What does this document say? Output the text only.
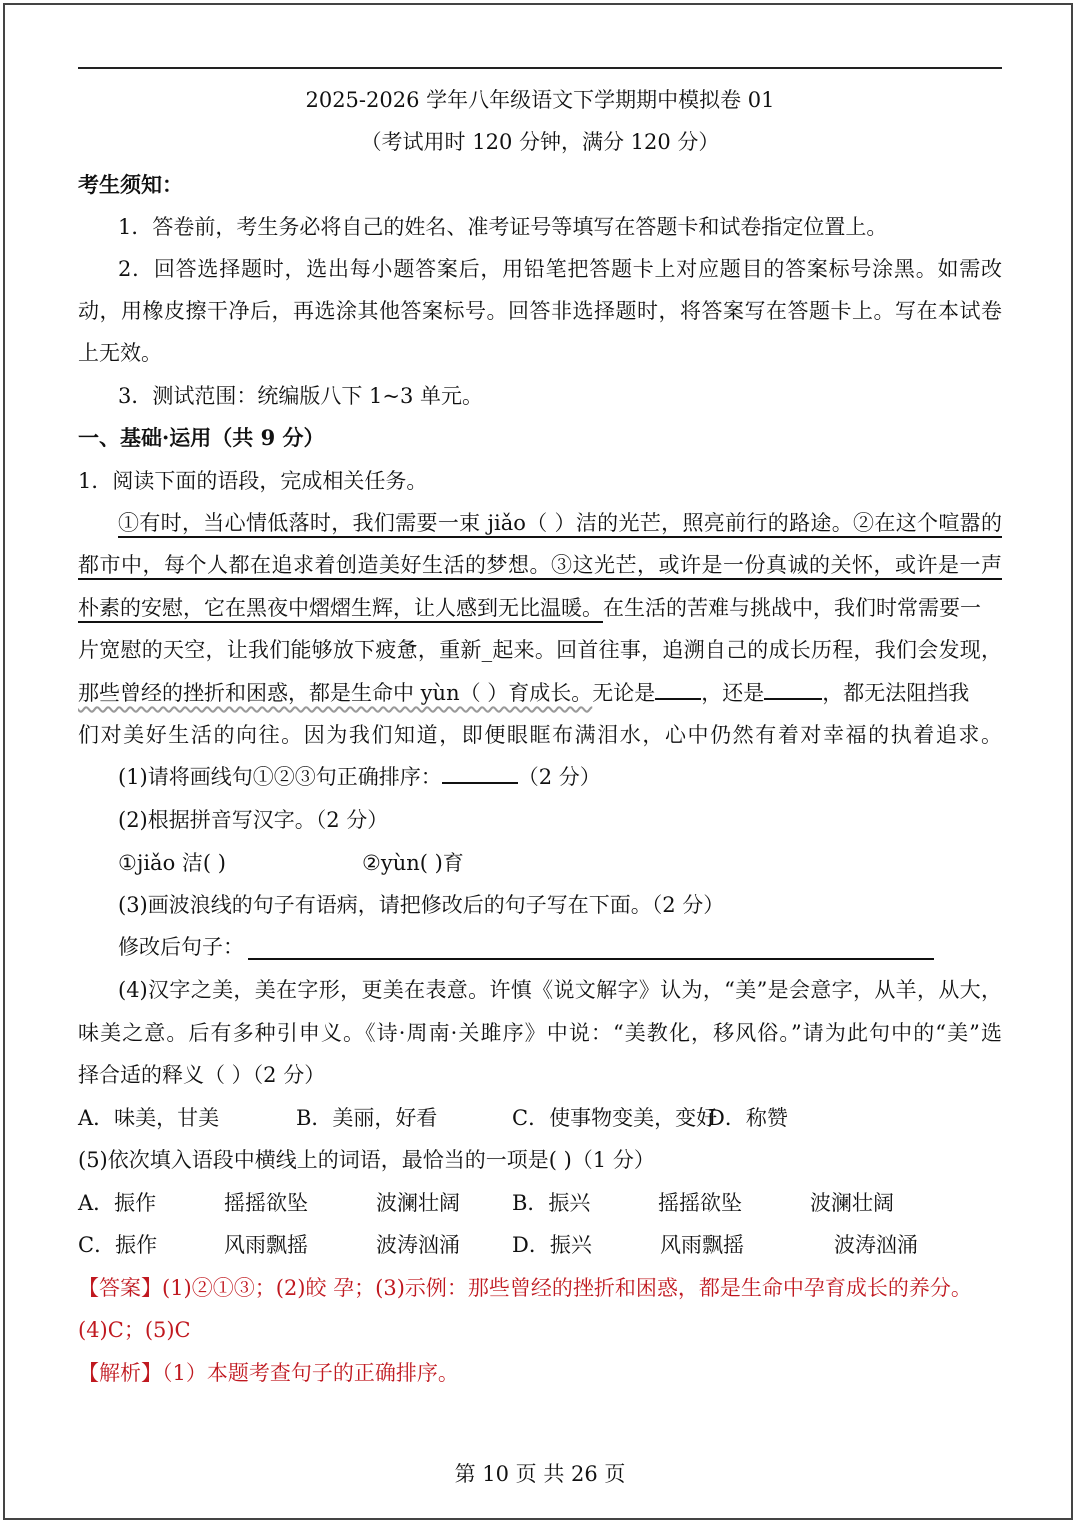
2025-2026 学年八年级语文下学期期中模拟卷 01
（考试用时 120 分钟，满分 120 分）
考生须知：
1．答卷前，考生务必将自己的姓名、准考证号等填写在答题卡和试卷指定位置上。
2．回答选择题时，选出每小题答案后，用铅笔把答题卡上对应题目的答案标号涂黑。如需改
动，用橡皮擦干净后，再选涂其他答案标号。回答非选择题时，将答案写在答题卡上。写在本试卷
上无效。
3．测试范围：统编版八下 1~3 单元。
一、基础·运用（共 9 分）
1．阅读下面的语段，完成相关任务。
①有时，当心情低落时，我们需要一束 jiǎo（ ）洁的光芒，照亮前行的路途。②在这个喧嚣的
都市中，每个人都在追求着创造美好生活的梦想。③这光芒，或许是一份真诚的关怀，或许是一声
朴素的安慰，它在黑夜中熠熠生辉，让人感到无比温暖。在生活的苦难与挑战中，我们时常需要一
片宽慰的天空，让我们能够放下疲惫，重新_起来。回首往事，追溯自己的成长历程，我们会发现，
那些曾经的挫折和困惑，都是生命中 yùn（ ）育成长。无论是 ，还是	，都无法阻挡我
们对美好生活的向往。因为我们知道，即便眼眶布满泪水，心中仍然有着对幸福的执着追求。
(1)请将画线句①②③句正确排序：	（2 分）
(2)根据拼音写汉字。（2 分）
①jiǎo 洁( )	②yùn( )育
(3)画波浪线的句子有语病，请把修改后的句子写在下面。（2 分）
修改后句子：
(4)汉字之美，美在字形，更美在表意。许慎《说文解字》认为，“美”是会意字，从羊，从大，
味美之意。后有多种引申义。《诗·周南·关雎序》中说：“美教化，移风俗。”请为此句中的“美”选
择合适的释义（ ）（2 分）
A．味美，甘美	B．美丽，好看	C．使事物变美，变好
D．称赞
(5)依次填入语段中横线上的词语，最恰当的一项是( )（1 分）
A．振作	摇摇欲坠	波澜壮阔 B．振兴	摇摇欲坠	波澜壮阔
C．振作	风雨飘摇	波涛汹涌 D．振兴	风雨飘摇	波涛汹涌
【答案】(1)②①③；(2)皎 孕；(3)示例：那些曾经的挫折和困惑，都是生命中孕育成长的养分。
(4)C；(5)C
【解析】（1）本题考查句子的正确排序。
第 10 页 共 26 页
